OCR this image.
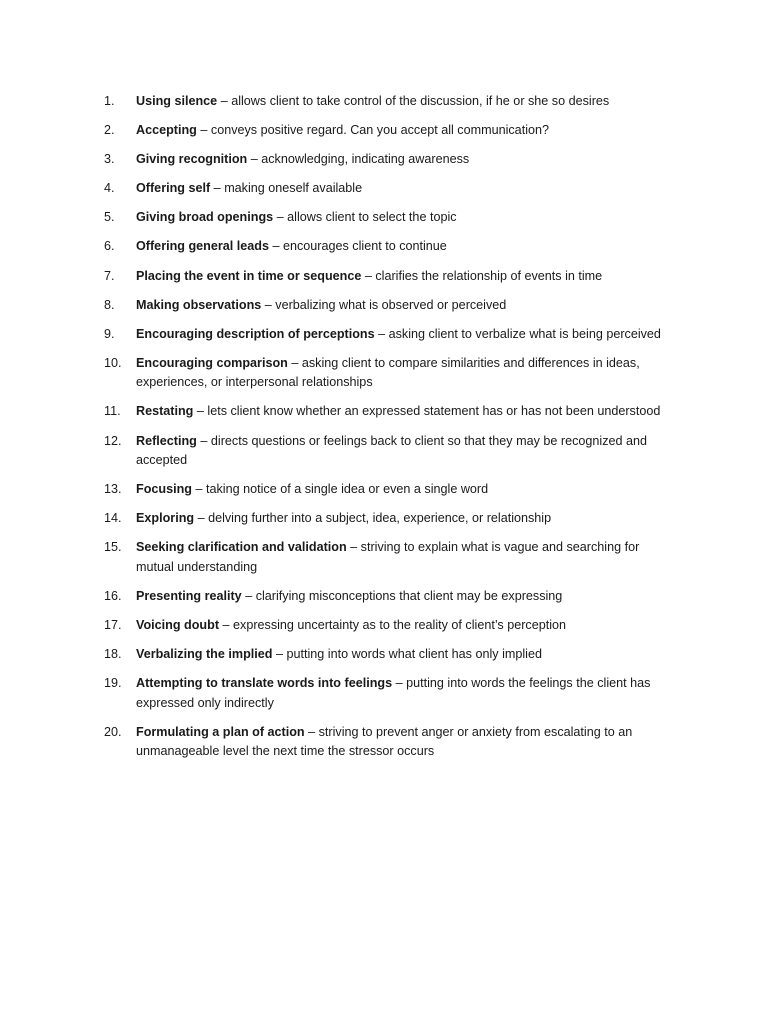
1.	Using silence – allows client to take control of the discussion, if he or she so desires
2.	Accepting – conveys positive regard. Can you accept all communication?
3.	Giving recognition – acknowledging, indicating awareness
4.	Offering self – making oneself available
5.	Giving broad openings – allows client to select the topic
6.	Offering general leads – encourages client to continue
7.	Placing the event in time or sequence – clarifies the relationship of events in time
8.	Making observations – verbalizing what is observed or perceived
9.	Encouraging description of perceptions – asking client to verbalize what is being perceived
10.	Encouraging comparison – asking client to compare similarities and differences in ideas, experiences, or interpersonal relationships
11.	Restating – lets client know whether an expressed statement has or has not been understood
12.	Reflecting – directs questions or feelings back to client so that they may be recognized and accepted
13.	Focusing – taking notice of a single idea or even a single word
14.	Exploring – delving further into a subject, idea, experience, or relationship
15.	Seeking clarification and validation – striving to explain what is vague and searching for mutual understanding
16.	Presenting reality – clarifying misconceptions that client may be expressing
17.	Voicing doubt – expressing uncertainty as to the reality of client’s perception
18.	Verbalizing the implied – putting into words what client has only implied
19.	Attempting to translate words into feelings – putting into words the feelings the client has expressed only indirectly
20.	Formulating a plan of action – striving to prevent anger or anxiety from escalating to an unmanageable level the next time the stressor occurs
